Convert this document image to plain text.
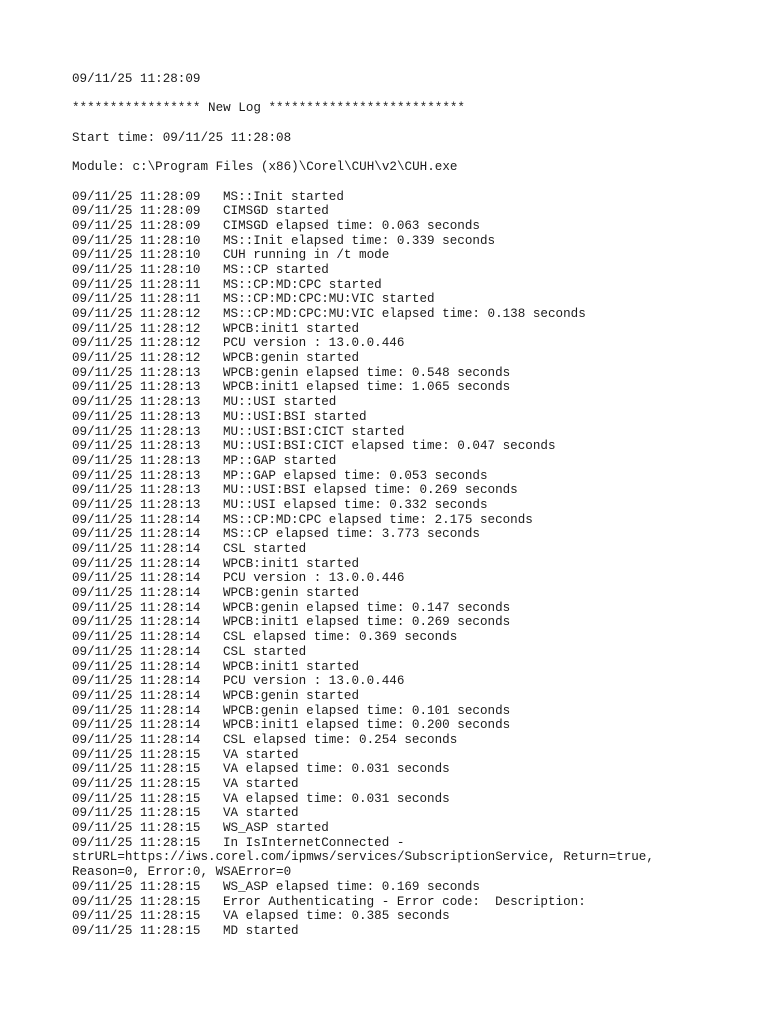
09/11/25 11:28:09
***************** New Log **************************
Start time: 09/11/25 11:28:08
Module: c:\Program Files (x86)\Corel\CUH\v2\CUH.exe
09/11/25 11:28:09	MS::Init started
09/11/25 11:28:09	CIMSGD started
09/11/25 11:28:09	CIMSGD elapsed time: 0.063 seconds
09/11/25 11:28:10	MS::Init elapsed time: 0.339 seconds
09/11/25 11:28:10	CUH running in /t mode
09/11/25 11:28:10	MS::CP started
09/11/25 11:28:11	MS::CP:MD:CPC started
09/11/25 11:28:11	MS::CP:MD:CPC:MU:VIC started
09/11/25 11:28:12	MS::CP:MD:CPC:MU:VIC elapsed time: 0.138 seconds
09/11/25 11:28:12	WPCB:init1 started
09/11/25 11:28:12	PCU version : 13.0.0.446
09/11/25 11:28:12	WPCB:genin started
09/11/25 11:28:13	WPCB:genin elapsed time: 0.548 seconds
09/11/25 11:28:13	WPCB:init1 elapsed time: 1.065 seconds
09/11/25 11:28:13	MU::USI started
09/11/25 11:28:13	MU::USI:BSI started
09/11/25 11:28:13	MU::USI:BSI:CICT started
09/11/25 11:28:13	MU::USI:BSI:CICT elapsed time: 0.047 seconds
09/11/25 11:28:13	MP::GAP started
09/11/25 11:28:13	MP::GAP elapsed time: 0.053 seconds
09/11/25 11:28:13	MU::USI:BSI elapsed time: 0.269 seconds
09/11/25 11:28:13	MU::USI elapsed time: 0.332 seconds
09/11/25 11:28:14	MS::CP:MD:CPC elapsed time: 2.175 seconds
09/11/25 11:28:14	MS::CP elapsed time: 3.773 seconds
09/11/25 11:28:14	CSL started
09/11/25 11:28:14	WPCB:init1 started
09/11/25 11:28:14	PCU version : 13.0.0.446
09/11/25 11:28:14	WPCB:genin started
09/11/25 11:28:14	WPCB:genin elapsed time: 0.147 seconds
09/11/25 11:28:14	WPCB:init1 elapsed time: 0.269 seconds
09/11/25 11:28:14	CSL elapsed time: 0.369 seconds
09/11/25 11:28:14	CSL started
09/11/25 11:28:14	WPCB:init1 started
09/11/25 11:28:14	PCU version : 13.0.0.446
09/11/25 11:28:14	WPCB:genin started
09/11/25 11:28:14	WPCB:genin elapsed time: 0.101 seconds
09/11/25 11:28:14	WPCB:init1 elapsed time: 0.200 seconds
09/11/25 11:28:14	CSL elapsed time: 0.254 seconds
09/11/25 11:28:15	VA started
09/11/25 11:28:15	VA elapsed time: 0.031 seconds
09/11/25 11:28:15	VA started
09/11/25 11:28:15	VA elapsed time: 0.031 seconds
09/11/25 11:28:15	VA started
09/11/25 11:28:15	WS_ASP started
09/11/25 11:28:15	In IsInternetConnected -
strURL=https://iws.corel.com/ipmws/services/SubscriptionService, Return=true,
Reason=0, Error:0, WSAError=0
09/11/25 11:28:15	WS_ASP elapsed time: 0.169 seconds
09/11/25 11:28:15	Error Authenticating - Error code:  Description:
09/11/25 11:28:15	VA elapsed time: 0.385 seconds
09/11/25 11:28:15	MD started
